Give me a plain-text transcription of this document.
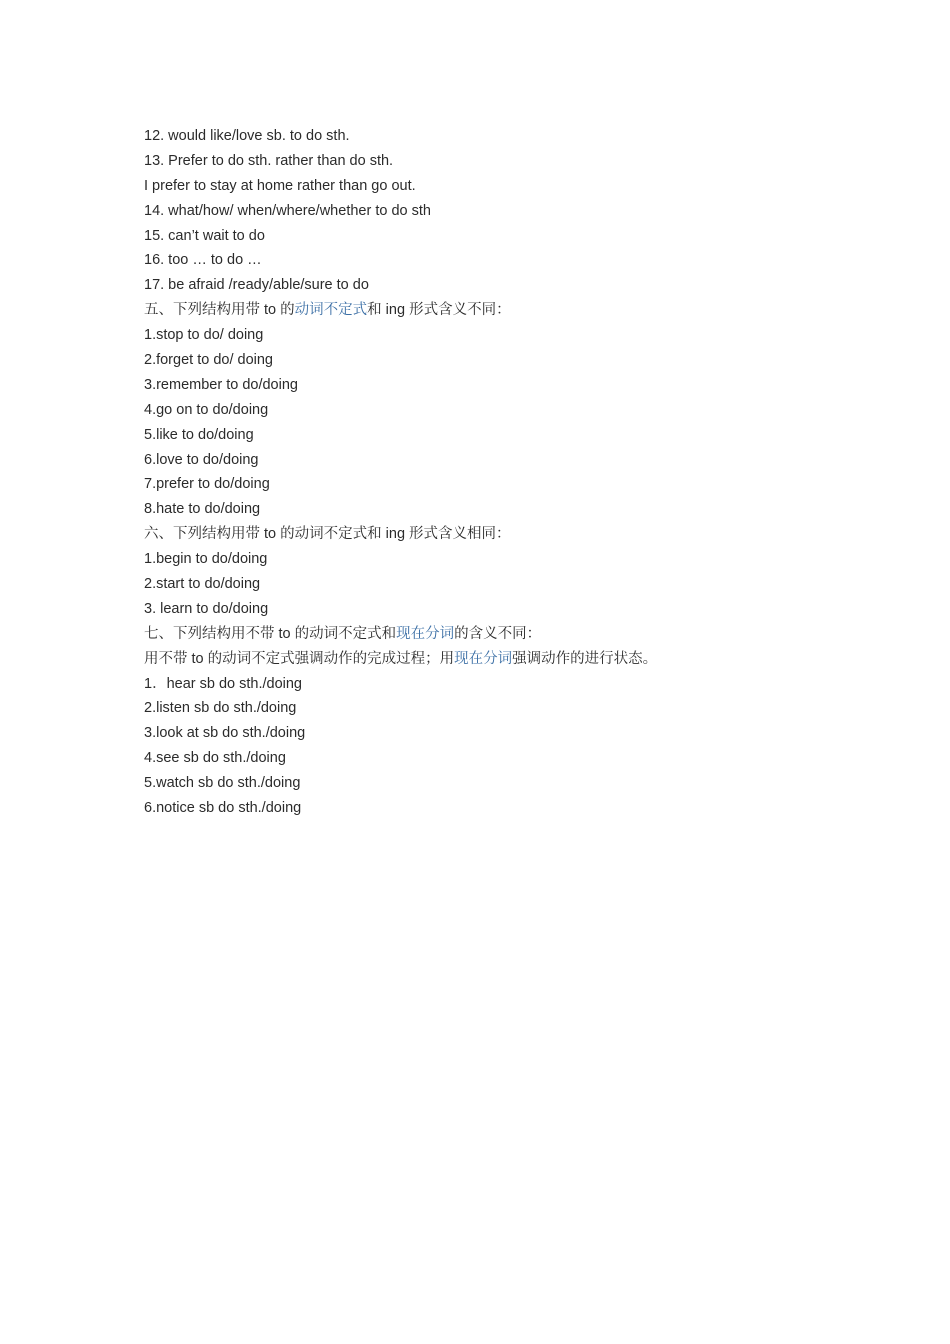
12. would like/love sb. to do sth.
13. Prefer to do sth. rather than do sth.
I prefer to stay at home rather than go out.
14. what/how/ when/where/whether to do sth
15. can’t wait to do
16. too … to do …
17. be afraid /ready/able/sure to do
五、下列结构用带 to 的动词不定式和 ing 形式含义不同：
1.stop to do/ doing
2.forget to do/ doing
3.remember to do/doing
4.go on to do/doing
5.like to do/doing
6.love to do/doing
7.prefer to do/doing
8.hate to do/doing
六、下列结构用带 to 的动词不定式和 ing 形式含义相同：
1.begin to do/doing
2.start to do/doing
3. learn to do/doing
七、下列结构用不带 to 的动词不定式和现在分词的含义不同：
用不带 to 的动词不定式强调动作的完成过程；用现在分词强调动作的进行状态。
1．hear sb do sth./doing
2.listen sb do sth./doing
3.look at sb do sth./doing
4.see sb do sth./doing
5.watch sb do sth./doing
6.notice sb do sth./doing
